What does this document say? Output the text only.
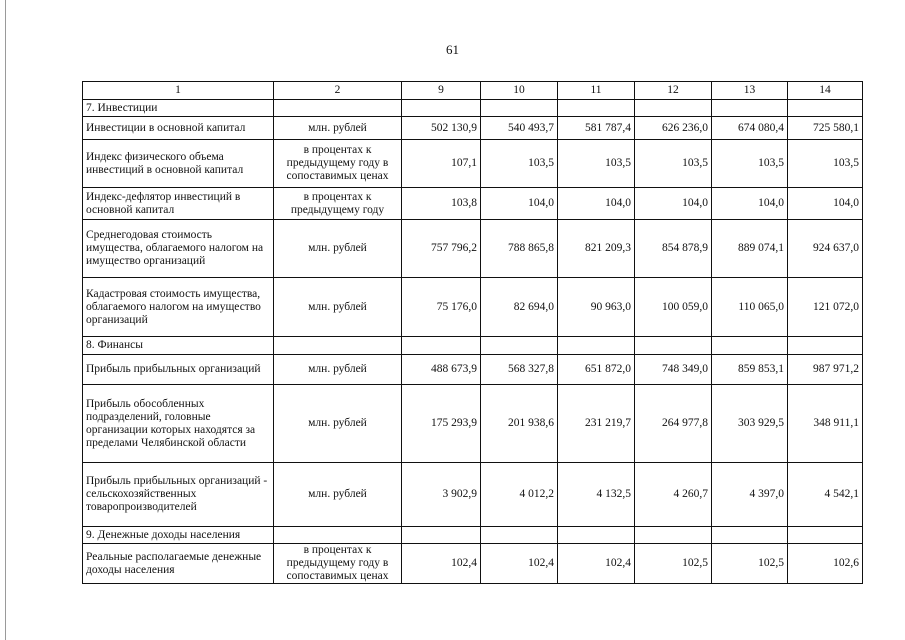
61
1	2	9	10	11	12	13	14
7. Инвестиции							
Инвестиции в основной капитал	млн. рублей	502 130,9	540 493,7	581 787,4	626 236,0	674 080,4	725 580,1
Индекс физического объема инвестиций в основной капитал	в процентах к предыдущему году в сопоставимых ценах	107,1	103,5	103,5	103,5	103,5	103,5
Индекс-дефлятор инвестиций в основной капитал	в процентах к предыдущему году	103,8	104,0	104,0	104,0	104,0	104,0
Среднегодовая стоимость имущества, облагаемого налогом на имущество организаций	млн. рублей	757 796,2	788 865,8	821 209,3	854 878,9	889 074,1	924 637,0
Кадастровая стоимость имущества, облагаемого налогом на имущество организаций	млн. рублей	75 176,0	82 694,0	90 963,0	100 059,0	110 065,0	121 072,0
8. Финансы							
Прибыль прибыльных организаций	млн. рублей	488 673,9	568 327,8	651 872,0	748 349,0	859 853,1	987 971,2
Прибыль обособленных подразделений, головные организации которых находятся за пределами Челябинской области	млн. рублей	175 293,9	201 938,6	231 219,7	264 977,8	303 929,5	348 911,1
Прибыль прибыльных организаций - сельскохозяйственных товаропроизводителей	млн. рублей	3 902,9	4 012,2	4 132,5	4 260,7	4 397,0	4 542,1
9. Денежные доходы населения							
Реальные располагаемые денежные доходы населения	в процентах к предыдущему году в сопоставимых ценах	102,4	102,4	102,4	102,5	102,5	102,6
